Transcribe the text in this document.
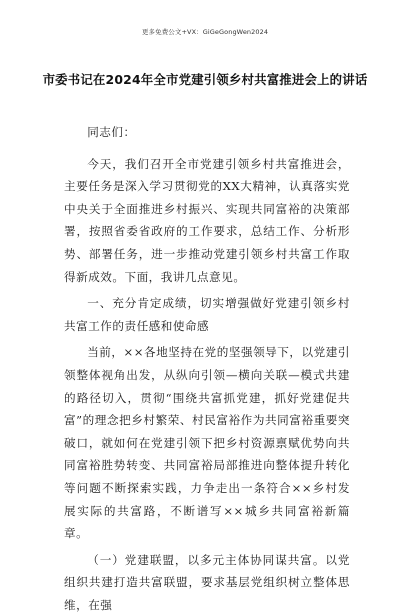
更多免费公文+VX：GiGeGongWen2024
市委书记在2024年全市党建引领乡村共富推进会上的讲话

同志们：

今天，我们召开全市党建引领乡村共富推进会，主要任务是深入学习贯彻党的XX大精神，认真落实党中央关于全面推进乡村振兴、实现共同富裕的决策部署，按照省委省政府的工作要求，总结工作、分析形势、部署任务，进一步推动党建引领乡村共富工作取得新成效。下面，我讲几点意见。

一、充分肯定成绩，切实增强做好党建引领乡村共富工作的责任感和使命感

当前，××各地坚持在党的坚强领导下，以党建引领整体视角出发，从纵向引领—横向关联—模式共建的路径切入，贯彻“围绕共富抓党建，抓好党建促共富”的理念把乡村繁荣、村民富裕作为共同富裕重要突破口，就如何在党建引领下把乡村资源禀赋优势向共同富裕胜势转变、共同富裕局部推进向整体提升转化等问题不断探索实践，力争走出一条符合××乡村发展实际的共富路，不断谱写××城乡共同富裕新篇章。

（一）党建联盟，以多元主体协同谋共富。以党组织共建打造共富联盟，要求基层党组织树立整体思维，在强
